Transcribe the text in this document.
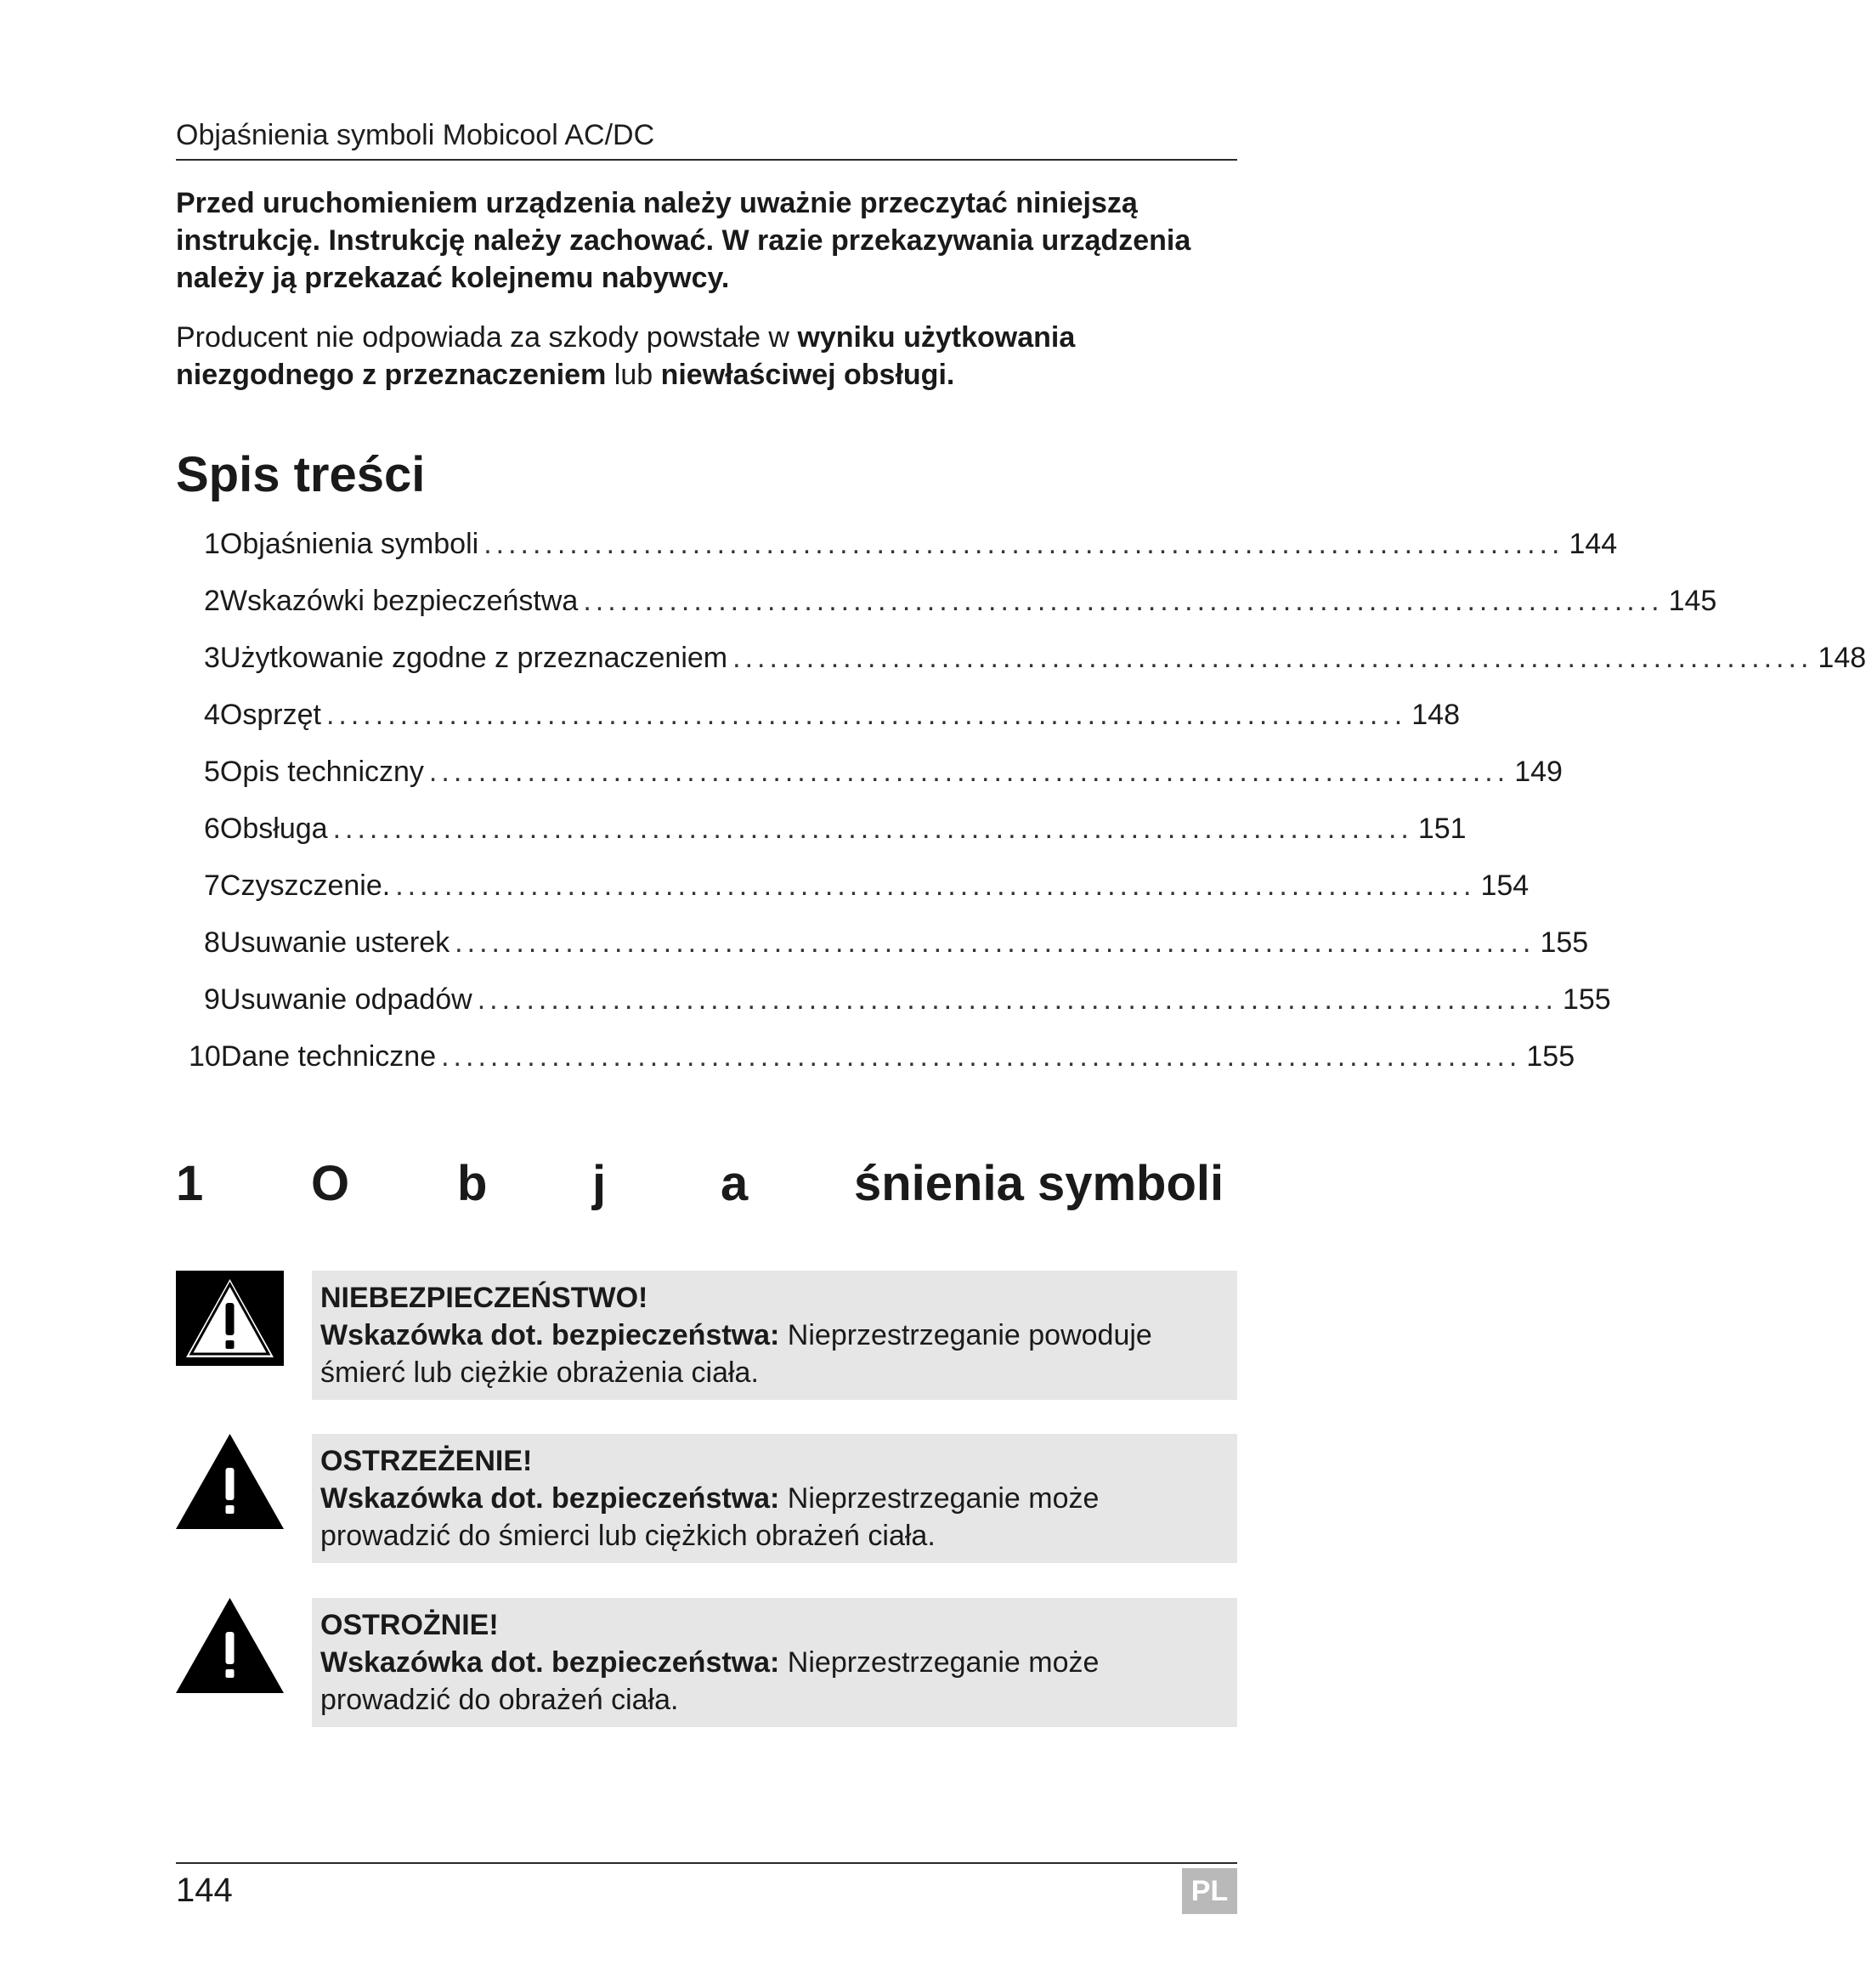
Objaśnienia symboli Mobicool AC/DC

Przed uruchomieniem urządzenia należy uważnie przeczytać niniejszą instrukcję. Instrukcję należy zachować. W razie przekazywania urządzenia należy ją przekazać kolejnemu nabywcy.

Producent nie odpowiada za szkody powstałe w wyniku użytkowania niezgodnego z przeznaczeniem lub niewłaściwej obsługi.

Spis treści
1 Objaśnienia symboli ........................................................................................ 144
2 Wskazówki bezpieczeństwa ........................................................................................ 145
3 Użytkowanie zgodne z przeznaczeniem ........................................................................................ 148
4 Osprzęt ........................................................................................ 148
5 Opis techniczny ........................................................................................ 149
6 Obsługa ........................................................................................ 151
7 Czyszczenie. ........................................................................................ 154
8 Usuwanie usterek ........................................................................................ 155
9 Usuwanie odpadów ........................................................................................ 155
10 Dane techniczne ........................................................................................ 155
1 O b j a śnienia symboli
NIEBEZPIECZEŃSTWO!
Wskazówka dot. bezpieczeństwa: Nieprzestrzeganie powoduje śmierć lub ciężkie obrażenia ciała.
OSTRZEŻENIE!
Wskazówka dot. bezpieczeństwa: Nieprzestrzeganie może prowadzić do śmierci lub ciężkich obrażeń ciała.
OSTROŻNIE!
Wskazówka dot. bezpieczeństwa: Nieprzestrzeganie może prowadzić do obrażeń ciała.
144	PL
